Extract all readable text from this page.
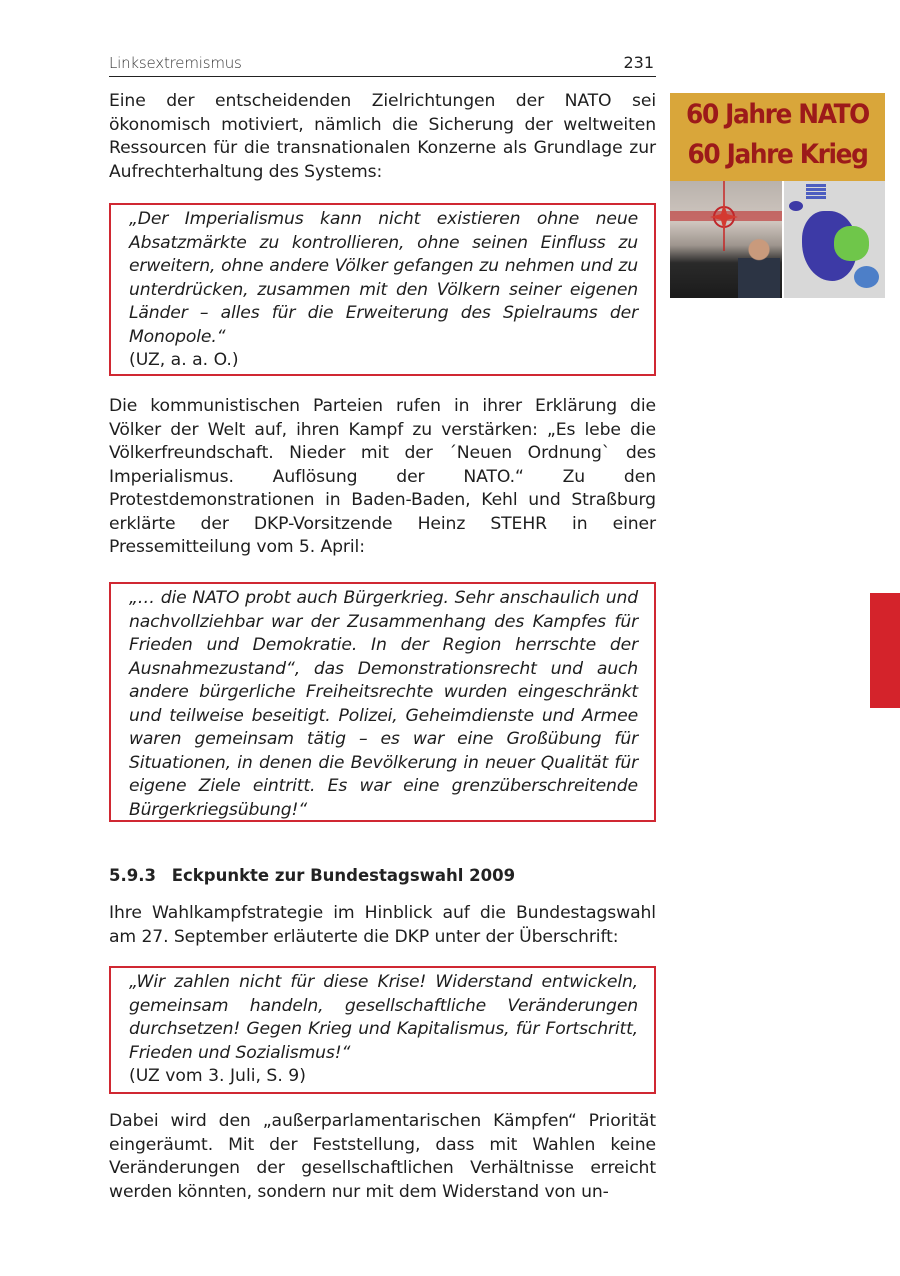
Linksextremismus	231

Eine der entscheidenden Zielrichtungen der NATO sei ökonomisch motiviert, nämlich die Sicherung der weltweiten Ressourcen für die transnationalen Konzerne als Grundlage zur Aufrechterhaltung des Systems:

„Der Imperialismus kann nicht existieren ohne neue Absatzmärkte zu kontrollieren, ohne seinen Einfluss zu erweitern, ohne andere Völker gefangen zu nehmen und zu unterdrücken, zusammen mit den Völkern seiner eigenen Länder – alles für die Erweiterung des Spielraums der Monopole.“

(UZ, a. a. O.)

Die kommunistischen Parteien rufen in ihrer Erklärung die Völker der Welt auf, ihren Kampf zu verstärken: „Es lebe die Völkerfreundschaft. Nieder mit der ´Neuen Ordnung` des Imperialismus. Auflösung der NATO.“ Zu den Protestdemonstrationen in Baden-Baden, Kehl und Straßburg erklärte der DKP-Vorsitzende Heinz STEHR in einer Pressemitteilung vom 5. April:

„… die NATO probt auch Bürgerkrieg. Sehr anschaulich und nachvollziehbar war der Zusammenhang des Kampfes für Frieden und Demokratie. In der Region herrschte der Ausnahmezustand“, das Demonstrationsrecht und auch andere bürgerliche Freiheitsrechte wurden eingeschränkt und teilweise beseitigt. Polizei, Geheimdienste und Armee waren gemeinsam tätig – es war eine Großübung für Situationen, in denen die Bevölkerung in neuer Qualität für eigene Ziele eintritt. Es war eine grenzüberschreitende Bürgerkriegsübung!“

5.9.3 Eckpunkte zur Bundestagswahl 2009

Ihre Wahlkampfstrategie im Hinblick auf die Bundestagswahl am 27. September erläuterte die DKP unter der Überschrift:

„Wir zahlen nicht für diese Krise! Widerstand entwickeln, gemeinsam handeln, gesellschaftliche Veränderungen durchsetzen! Gegen Krieg und Kapitalismus, für Fortschritt, Frieden und Sozialismus!“

(UZ vom 3. Juli, S. 9)

Dabei wird den „außerparlamentarischen Kämpfen“ Priorität eingeräumt. Mit der Feststellung, dass mit Wahlen keine Veränderungen der gesellschaftlichen Verhältnisse erreicht werden könnten, sondern nur mit dem Widerstand von un-

60 Jahre NATO
60 Jahre Krieg
